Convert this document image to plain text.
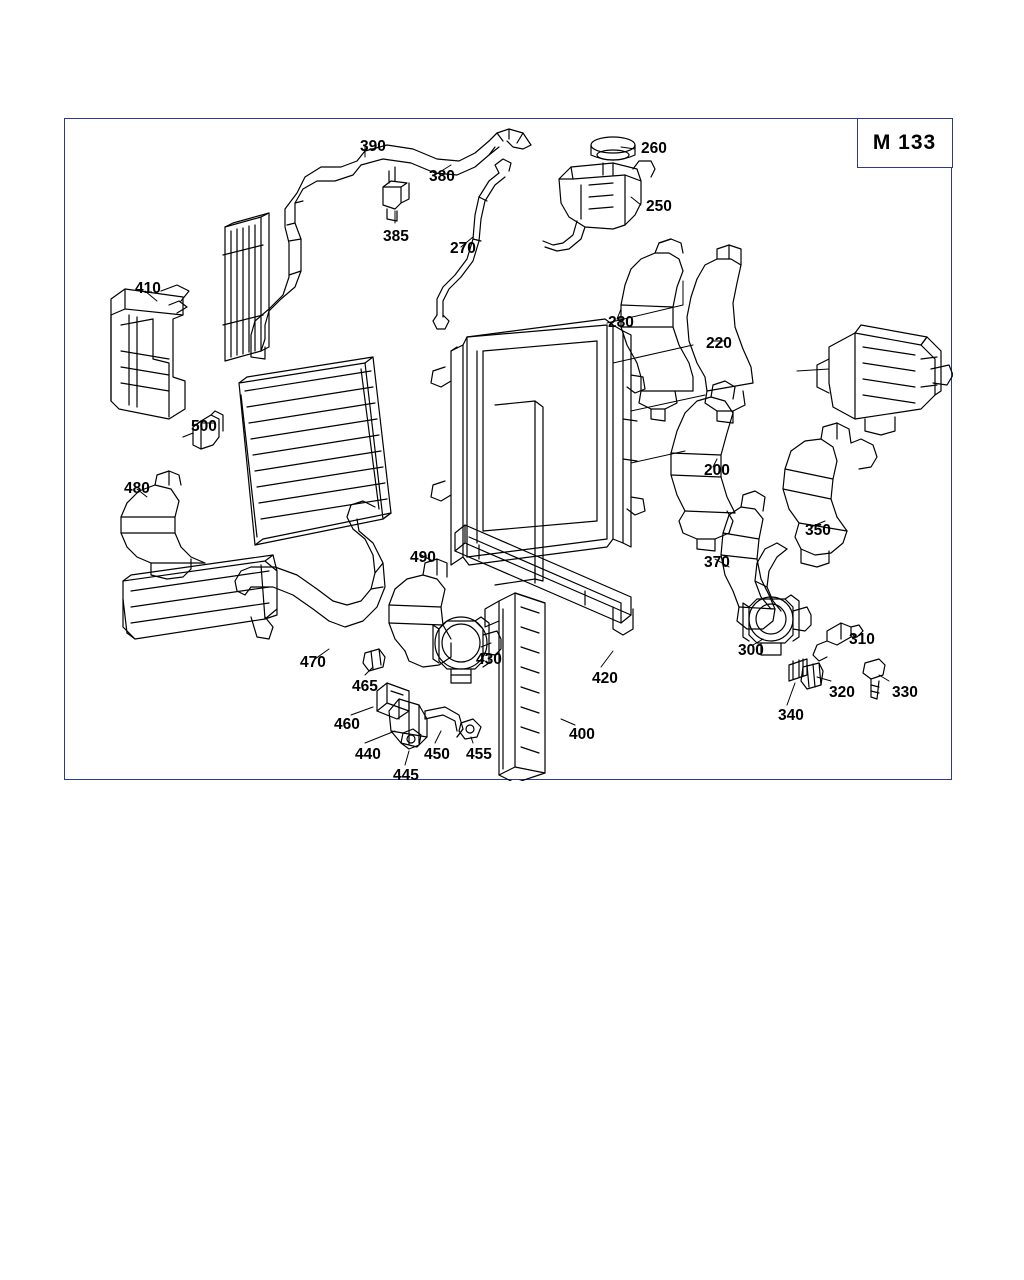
M 133
390
380
385
260
250
270
280
220
200
410
500
480
470
490
430
420
400
465
460
440
445
450 455
370
350
300
310
320 330
340
